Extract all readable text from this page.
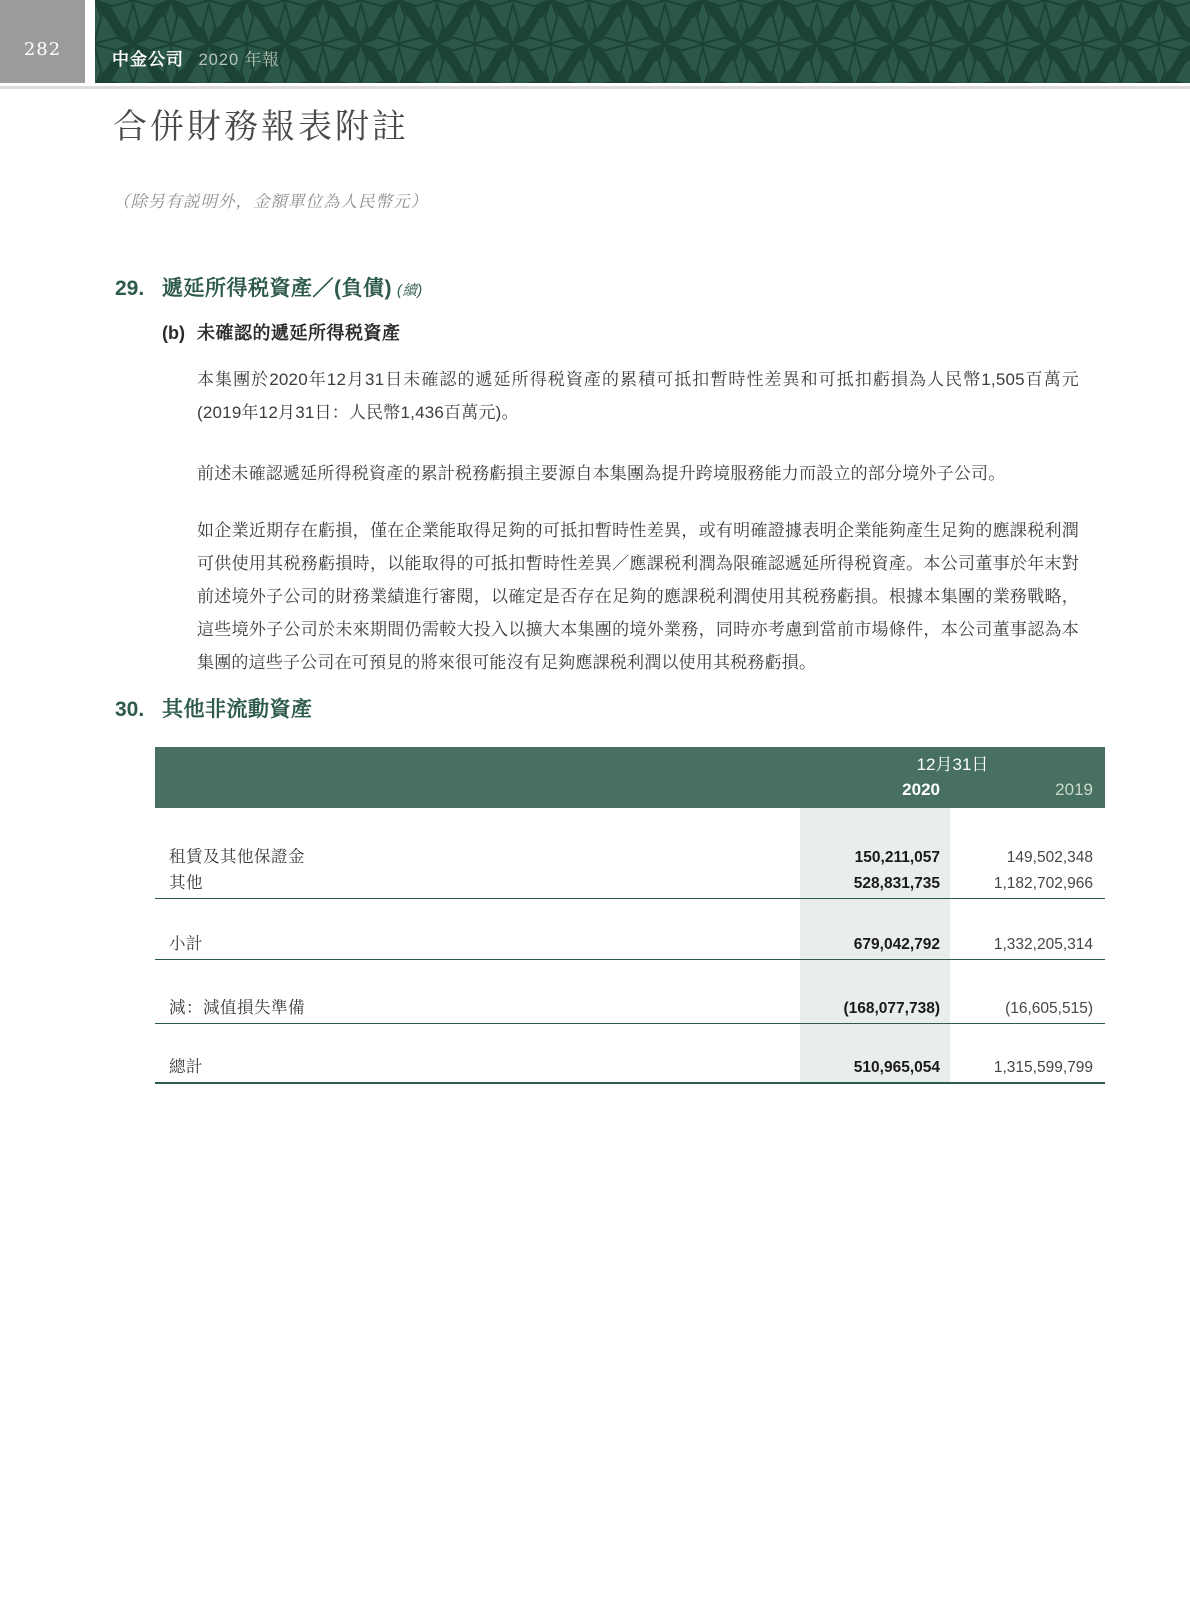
282	中金公司 2020 年報
合併財務報表附註

（除另有説明外，金額單位為人民幣元）

29. 遞延所得税資產／(負債) (續)
(b) 未確認的遞延所得税資產

本集團於2020年12月31日未確認的遞延所得税資產的累積可抵扣暫時性差異和可抵扣虧損為人民幣1,505百萬元(2019年12月31日：人民幣1,436百萬元)。

前述未確認遞延所得税資產的累計税務虧損主要源自本集團為提升跨境服務能力而設立的部分境外子公司。

如企業近期存在虧損，僅在企業能取得足夠的可抵扣暫時性差異，或有明確證據表明企業能夠產生足夠的應課税利潤可供使用其税務虧損時，以能取得的可抵扣暫時性差異／應課税利潤為限確認遞延所得税資產。本公司董事於年末對前述境外子公司的財務業績進行審閱，以確定是否存在足夠的應課税利潤使用其税務虧損。根據本集團的業務戰略，這些境外子公司於未來期間仍需較大投入以擴大本集團的境外業務，同時亦考慮到當前市場條件，本公司董事認為本集團的這些子公司在可預見的將來很可能沒有足夠應課税利潤以使用其税務虧損。

30. 其他非流動資產
12月31日
2020	2019
租賃及其他保證金	150,211,057	149,502,348
其他	528,831,735	1,182,702,966
小計	679,042,792	1,332,205,314
減：減值損失準備	(168,077,738)	(16,605,515)
總計	510,965,054	1,315,599,799
